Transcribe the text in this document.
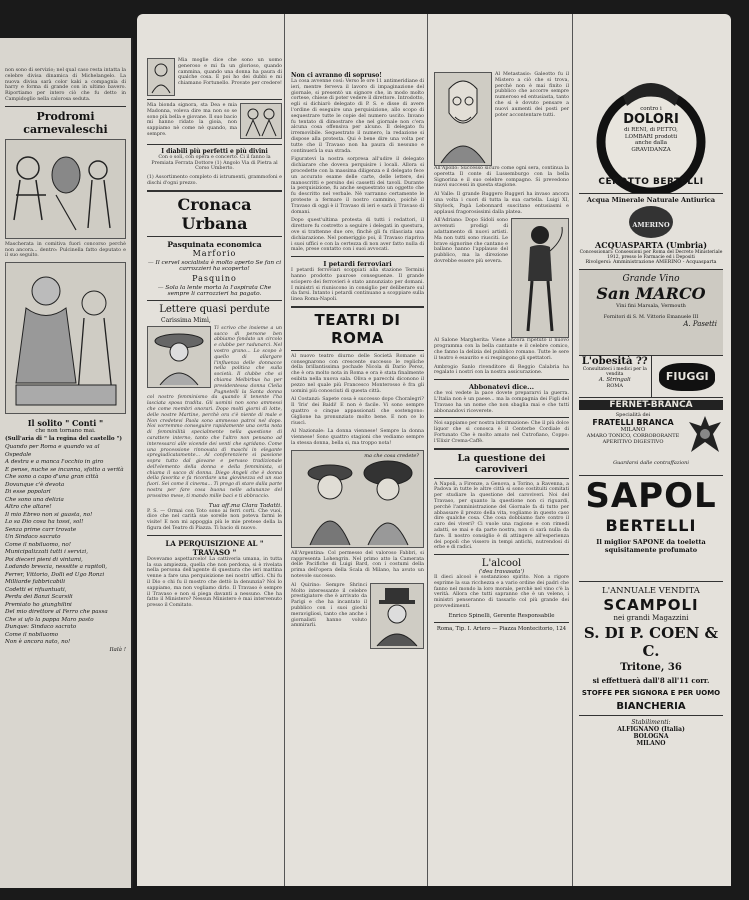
non sono di servizio; nel qual caso resta intatta la celebre divisa dinamica di Michelangelo. La nuova divisa sarà color kaki a compagnia di harry e forma di grande con in ultimo bavero. Riportiamo per intero ciò che fu detto in Campidoglio nella calorosa seduta.

Prodromi carnevaleschi

Mascherata in comitiva fuori concorso perchè non ancora... dentro: Pulcinella fatto deputato e il suo seguito.

Il solito " Conti "
che non tornano mai.
(Sull'aria di " la regina del castello ")
Quando per Roma e quando va al Ospedale
A destra e a manca l'occhio in giro
E pense, nuche se incanna, sfotto a verità
Che sono a capo d'una gran città
Dovunque c'è devota
Di esse popolari
Che sono una delizia
Altro che altare!
Il mio Ebreo non si guasta, no!
Lo sa Dio cosa ha tossi, sol!
Senza prime carr trovate
Un Sindaco sacrato
Come il nobiluomo, no!
Municipalizzati tutti i servizi,
Poi dieceri pieni di vintami,
Lodando brescia, nessitte a rapitoli,
Ferrer, Vittorio, Dolli ed Ugo Ronzi
Milliarde fabbricabili
Codetti ei rifuantuati,
Perdu dei Banzi Scarsili
Premiato ho giunghilini
Del mio direttore al Ferro che passa
Che si ufo la pappa Maro pasto
Dunque: Sindaco sacrato
Come il nobiluomo
Non è ancora nato, no!
Ilalà !

Mia moglie dice che sono un uomo generoso e mi fa un glorioso, quando cammina, quando una donna ha paura di qualche cosa. E poi ho dei dubbi e mi chiamano Fortunello. Provate per credere!

Mia bionda signora, sta Dea e mia Madonna, voleva dire ma non so se sono più bella e giovane. Il suo bacio mi hanno ridato la gioia, non sappiamo nè come nè quando, ma sempre.

I diabili più perfetti e più divini

Con o soli, con opera e concerto. Ci il fanno la Premiata Ferrata Dottore (1) Angolo Via di Pietra al Corso Umberto.

(1) Assortimento completo di istrumenti, grammofoni e dischi d'ogni prezzo.

Cronaca Urbana
Pasquinata economica
Marforio
— Il cervel socialista è molto aperto Se fan ci carrozzieri ha scoperto!
Pasquino
— Sola la lente morta la l'aspirata Che sempre li carrozzieri ha pagato.
Lettere quasi perdute
Carissima Mimì,

Ti scrivo che insieme a un sacco di persone ben abbiamo fondato un circolo e clubbe per radunarci. Nel vostro grano... Lo scopo è quello di allargare l'influenza delle donnacce nella politica che sulla società. Il clubbe che si chiama Melbirbus ha per presidentessa donna Clelia Pugnetelli la Santa donna col nostro femminismo da quando il tenente l'ha lasciata sposa tradita. Gli uomini non sono ammessi che come membri onorari. Dopo molti giorni di lotte, delle nostre Martine, perchè ora c'è niente di male e Non credetevi Paola sono ammesso patroi nel dopo. Noi vorremmo conseguire rapidamente una certa nota di femminilità specialmente nella questione di carattere interno, tanto che l'altro non pensano ad interessarci alle vicende dei venti che sgridano. Come una processione rinnovata di maschi in elegante spregiudicatamente... Al conferenziere si passione sopra tutto dal giovane e pervaso tradizionale dell'elemento della donna e della femminista, si chiama il sacco di donna. Diego Angeli che è donna della favorita e fa ricordare una giovinezza ed un suo fuori. Sei come il cinema... Ti prego di stare dalla parte nostra per fare cosa buona nelle adunanze del prossimo mese, ti mando mille baci e ti abbraccio.

Tua aff.ma Clara Tadatti.

P. S. — Ormai con Toto sono ai ferri corti. Che vuoi, dice che nel carità sue sorelle non poteva farmi le visite! E non mi appoggia più le mie pretese della la figura del Teatro di Piazza. Ti bacio di nuovo.

LA PERQUISIZIONE AL " TRAVASO "

Dovevamo aspettarcelo! La cattiveria umana, in tutta la sua ampiezza, quella che non perdona, si è rivelata nella persona dell'agente di questura che ieri mattina venne a fare una perquisizione nei nostri uffici. Chi fu il Dio o chi fu il mostro che dettò la denunzia? Noi lo sappiamo, ma non vogliamo dirlo. Il Travaso è sempre il Travaso e non si piega davanti a nessuno. Che ha fatto il Ministero? Nessun Ministero è mai intervenuto presso il Comitato.

Non ci avranno di sopruso!

La cosa avvenne così: Verso le ore 11 antimeridiane di ieri, mentre ferveva il lavoro di impaginazione del giornale, si presentò un signore che, in modo molto cortese, chiese di poter vedere il direttore. Introdotto, egli si dichiarò delegato di P. S. e disse di avere l'ordine di eseguire una perquisizione, allo scopo di sequestrare tutte le copie del numero uscito. Invano fu tentato di dimostrare che nel giornale non c'era alcuna cosa offensiva per alcuno. Il delegato fu irremovibile. Sequestrato il numero, la redazione si dispose alla protesta. Qui è bene dire una volta per tutte che il Travaso non ha paura di nessuno e continuerà la sua strada.

Figuratevi la nostra sorpresa all'udire il delegato dichiarare che doveva perquisire i locali. Allora si procedette con la massima diligenza e il delegato fece un accurato esame delle carte, delle lettere, dei manoscritti e persino dei cassetti dei tavoli. Durante la perquisizione, fu anche sequestrato un oggetto che fu descritto nel verbale. Nè varranno certamente le proteste a fermare il nostro cammino, poichè il Travaso di oggi è il Travaso di ieri e sarà il Travaso di domani.

Dopo quest'ultima protesta di tutti i redattori, il direttore fu costretto a seguire i delegati in questura, ove si trattenne due ore, finchè gli fu rilasciata una dichiarazione. Nel pomeriggio poi, il Travaso riapriva i suoi uffici e con la certezza di non aver fatto nulla di male, prese contatto con i suoi avvocati.

I petardi ferroviari

I petardi ferroviari scoppiati alla stazione Termini hanno prodotto paurose conseguenze. Il grande sciopero dei ferrovieri è stato annunziato per domani. I ministri si riuniscono in consiglio per deliberare sul da farsi. Intanto i petardi continuano a scoppiare sulla linea Roma-Napoli.

TEATRI DI ROMA

Al nuovo teatro diurno delle Società Romane si consegnarono con crescente successo le repliche della brillantissima pochade Nicola di Dario Perez, che è ora molto nota in Roma e ora è stata finalmente esibita nella nuova sala. Oliva e parecchi diconono il pezzo nel quale più Francesco Monterosso è fra gli uomini più conosciuti di questa città.

Al Costanzi: Sapete cosa è successo dopo Choralegri? Il 'Iris' dei Baldi! E non è facile. Vi sono sempre quattro o cinque appassionati che sostengono: Giglione ha pronunziato molto bene. E non ce lo riuscì.

Al Nazionale: La donna viennese! Sempre la donna viennese! Sono quattro stagioni che vediamo sempre la stessa donna, bella si, ma troppo nota!

ma che cosa credete?

All'Argentina: Col permesso del valoroso Fabbri, si rappresenta Lohengrin. Nel primo atto la Camerata delle Pacifiche di Luigi Bard, con i costumi della prima dell'opera della Scala di Milano, ha avuto un notevole successo.

Al Quirino: Sempre Shrinci Molto interessante il celebre prestigiatore che è arrivato da Parigi e che ha incantato il pubblico con i suoi giochi meravigliosi, tanto che anche i giornalisti hanno voluto ammirarli.

Al Metastasio: Galeotto fu il Mistero a ciò che si trova, perchè non è mai finito il pubblico che accorre sempre numeroso ed entusiasta, tanto che si è dovuto pensare a nuovi aumenti dei posti per poter accontentare tutti.

All'Apollo: Successo sicuro come ogni sera, continua la operetta Il conte di Lussemburgo con la bella Signorina e il suo celebre compagno. Si prevedono nuovi successi in questa stagione.

Al Valle: Il grande Ruggero Ruggeri ha invaso ancora una volta i cuori di tutta la sua cartella. Luigi XI, Shylock, Papà Lebonnard suscitano entusiasmi e applausi fragorosissimi dalla platea.

All'Adriano: Dopo Sidoli sono avvenuti prodigi di adattamento di nuovi artisti. Ma non tutti sono riusciti. Le brave signorine che cantano e ballano hanno l'applauso del pubblico, ma la direzione dovrebbe essere più severa.

Al Salone Margherita: Viene ancora ripetuto il nuovo programma con la bella cantante e il celebre comico, che fanno la delizia del pubblico romano. Tutte le sere il teatro è esaurito e si respingono gli spettatori.

Ambrogio Sanlo rivenditore di Reggio Calabria ha regalato i nostri con la nostra assicurazione.

Abbonatevi dice...

che voi vedete la pace dovete prepararvi la guerra. L'Italia non è un paese... ma la compagnia dei Figli del Travaso ha un nome che non sbaglia mai e che tutti abbonandovi riceverete.

Noi sappiamo per nostra informazione: Che il più dolce liquor che si conosca è il Centerbe Cordiale di Fortunato Che è molto amato nel Cutrofiano, Coppo: l'Elixir Crema-Caffè.

La questione dei caroviveri

A Napoli, a Firenze, a Genova, a Torino, a Ravenna, a Padova in tutte le altre città si sono costituiti comitati per studiare la questione del caroviveri. Noi del Travaso, per quanto la questione non ci riguardi, perchè l'amministrazione del Giornale fa di tutto per abbassare il prezzo della vita, vogliamo in questo caso dire qualche cosa. Che cosa dobbiamo fare contro il caro dei viveri? Ci vuole una ragione e con rimedi adatti, se mai e da parte nostra, non ci sarà nulla da fare. Il nostro consiglio è di attingere all'esperienza dei popoli che vissero in tempi antichi, nutrendosi di erbe e di radici.

L'alcool
('dea travasata')

Il dieci alcool è sostanzioso spirito. Non a rigore esprime la sua ricchezza e a vario ordine dei padri che fanno nel mondo la loro morale, perchè nel vino c'è la verità. Allora che tutti sapranno che è un veleno, i ministri penseranno di tassarlo col più grande dei provvedimenti.

Enrico Spinelli, Gerente Responsabile
Roma, Tip. I. Artero — Piazza Montecitorio, 124
contro i
DOLORI
di RENI, di PETTO, LOMBARI prodotti anche dalla GRAVIDANZA
CEROTTO BERTELLI
Acqua Minerale Naturale Antiurica
AMERINO
ACQUASPARTA (Umbria)
Concessionari: Consessioni per Roma del Decreto Ministeriale 1912, presso le Farmacie ed i Depositi
Rivolgersi: Amministrazione AMERINO - Acquasparta
Grande Vino
San MARCO
Vini fini Marsala, Vermouth
Fornitori di S. M. Vittorio Emanuele III
A. Pasetti
L'obesità ??
Consultateci i medici per la vendita
A. Stringali
ROMA
FIUGGI
FERNET-BRANCA
Specialità dei
FRATELLI BRANCA
MILANO
AMARO TONICO, CORROBORANTE
APERITIVO DIGESTIVO
Guardarsi dalle contraffazioni
SAPOL
BERTELLI
Il miglior SAPONE da toeletta squisitamente profumato
L'ANNUALE VENDITA
SCAMPOLI
nei grandi Magazzini
S. DI P. COEN & C.
Tritone, 36
si effettuerà dall'8 all'11 corr.
STOFFE PER SIGNORA E PER UOMO
BIANCHERIA
Stabilimenti:
ALFIGNANO (Italia)
BOLOGNA
MILANO
